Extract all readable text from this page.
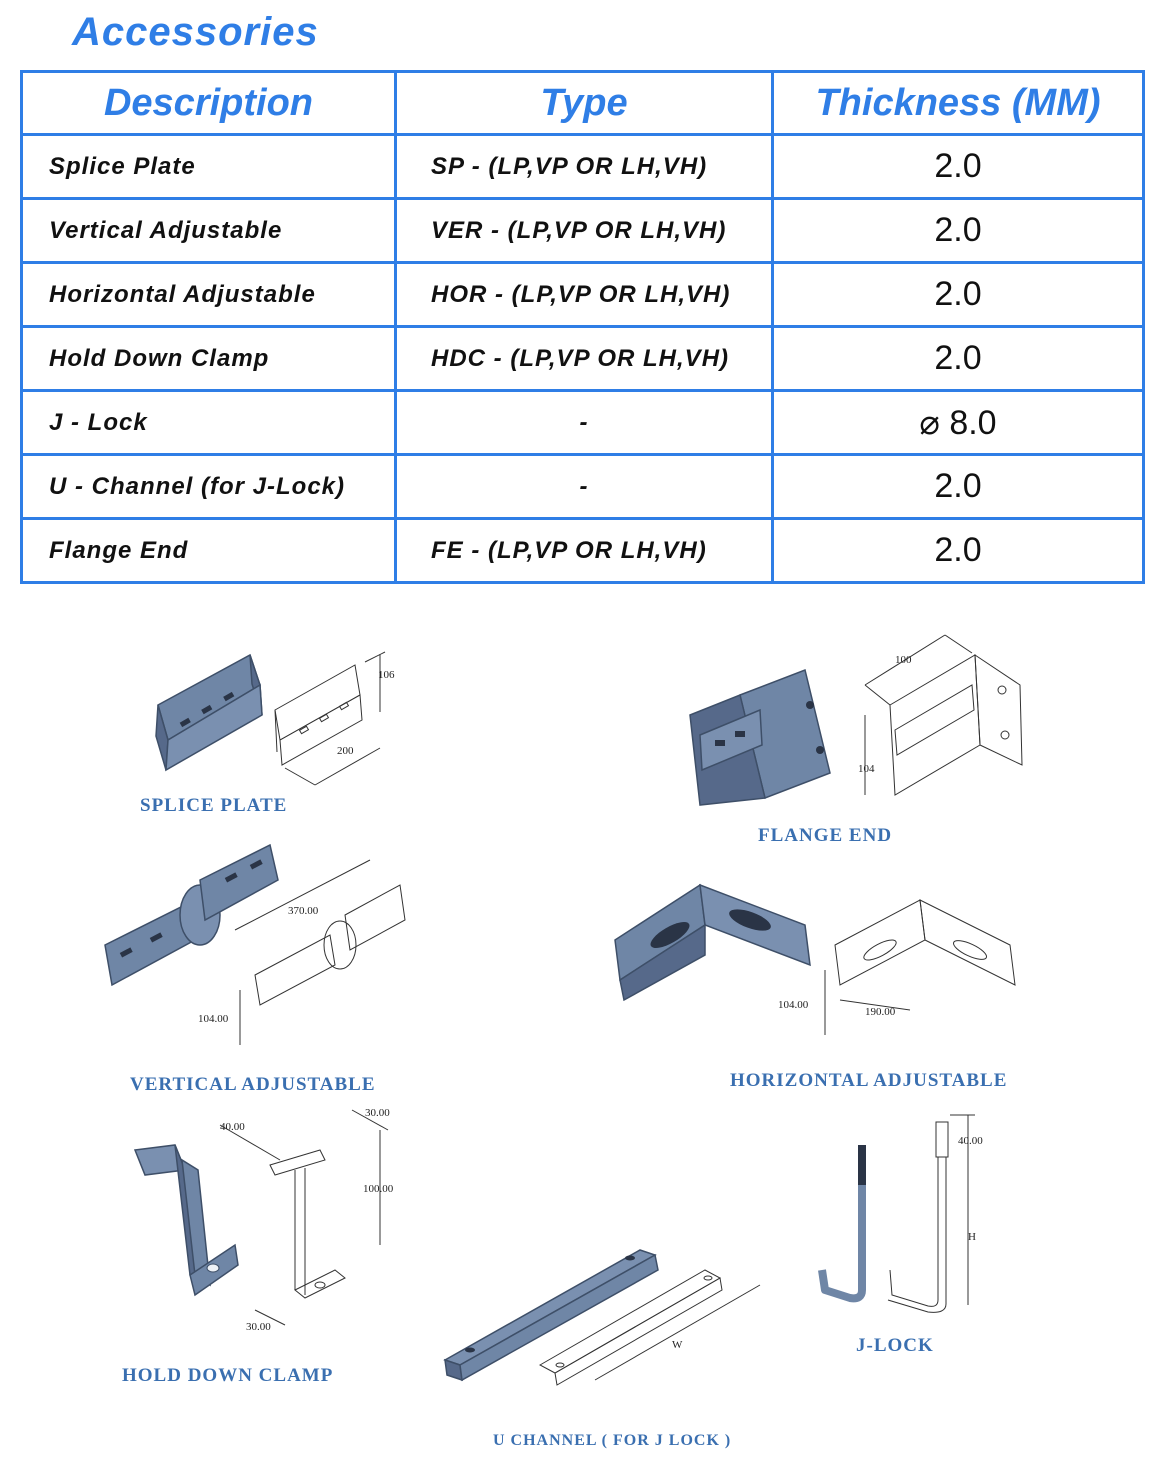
Accessories
Description	Type	Thickness (MM)
Splice Plate	SP - (LP,VP OR LH,VH)	2.0
Vertical Adjustable	VER - (LP,VP OR LH,VH)	2.0
Horizontal Adjustable	HOR - (LP,VP OR LH,VH)	2.0
Hold Down Clamp	HDC - (LP,VP OR LH,VH)	2.0
J - Lock	-	⌀ 8.0
U - Channel (for J-Lock)	-	2.0
Flange End	FE - (LP,VP OR LH,VH)	2.0
106
200
SPLICE PLATE
100
104
FLANGE END
370.00
104.00
VERTICAL ADJUSTABLE
104.00
190.00
HORIZONTAL ADJUSTABLE
40.00
30.00
100.00
30.00
HOLD DOWN CLAMP
W
U CHANNEL ( FOR J LOCK )
40.00
H
J-LOCK
